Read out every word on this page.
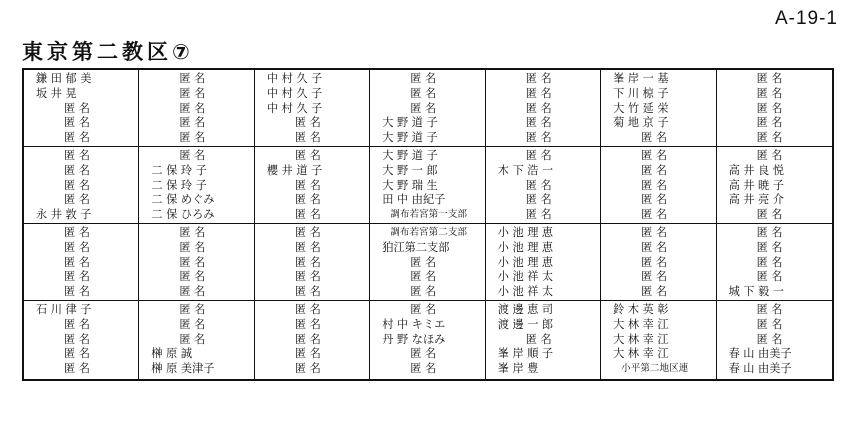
A-19-1
東京第二教区⑦
鎌 田 郁 美
坂 井 晃
匿 名
匿 名
匿 名
匿 名
匿 名
匿 名
匿 名
永 井 敦 子
匿 名
匿 名
匿 名
匿 名
匿 名
石 川 律 子
匿 名
匿 名
匿 名
匿 名
匿 名
匿 名
匿 名
匿 名
匿 名
匿 名
二 保 玲 子
二 保 玲 子
二 保 めぐみ
二 保 ひろみ
匿 名
匿 名
匿 名
匿 名
匿 名
匿 名
匿 名
匿 名
榊 原 誠
榊 原 美津子
中 村 久 子
中 村 久 子
中 村 久 子
匿 名
匿 名
匿 名
櫻 井 道 子
匿 名
匿 名
匿 名
匿 名
匿 名
匿 名
匿 名
匿 名
匿 名
匿 名
匿 名
匿 名
匿 名
匿 名
匿 名
匿 名
大 野 道 子
大 野 道 子
大 野 道 子
大 野 一 郎
大 野 瑞 生
田 中 由紀子
調布若宮第一支部
調布若宮第二支部
狛江第二支部
匿 名
匿 名
匿 名
匿 名
村 中 キミエ
丹 野 なほみ
匿 名
匿 名
匿 名
匿 名
匿 名
匿 名
匿 名
匿 名
木 下 浩 一
匿 名
匿 名
匿 名
小 池 理 恵
小 池 理 恵
小 池 理 恵
小 池 祥 太
小 池 祥 太
渡 邊 恵 司
渡 邊 一 郎
匿 名
峯 岸 順 子
峯 岸 豊
峯 岸 一 基
下 川 椋 子
大 竹 延 栄
菊 地 京 子
匿 名
匿 名
匿 名
匿 名
匿 名
匿 名
匿 名
匿 名
匿 名
匿 名
匿 名
鈴 木 英 彰
大 林 幸 江
大 林 幸 江
大 林 幸 江
小平第二地区連
匿 名
匿 名
匿 名
匿 名
匿 名
匿 名
高 井 良 悦
高 井 暁 子
高 井 亮 介
匿 名
匿 名
匿 名
匿 名
匿 名
城 下 毅 一
匿 名
匿 名
匿 名
春 山 由美子
春 山 由美子
